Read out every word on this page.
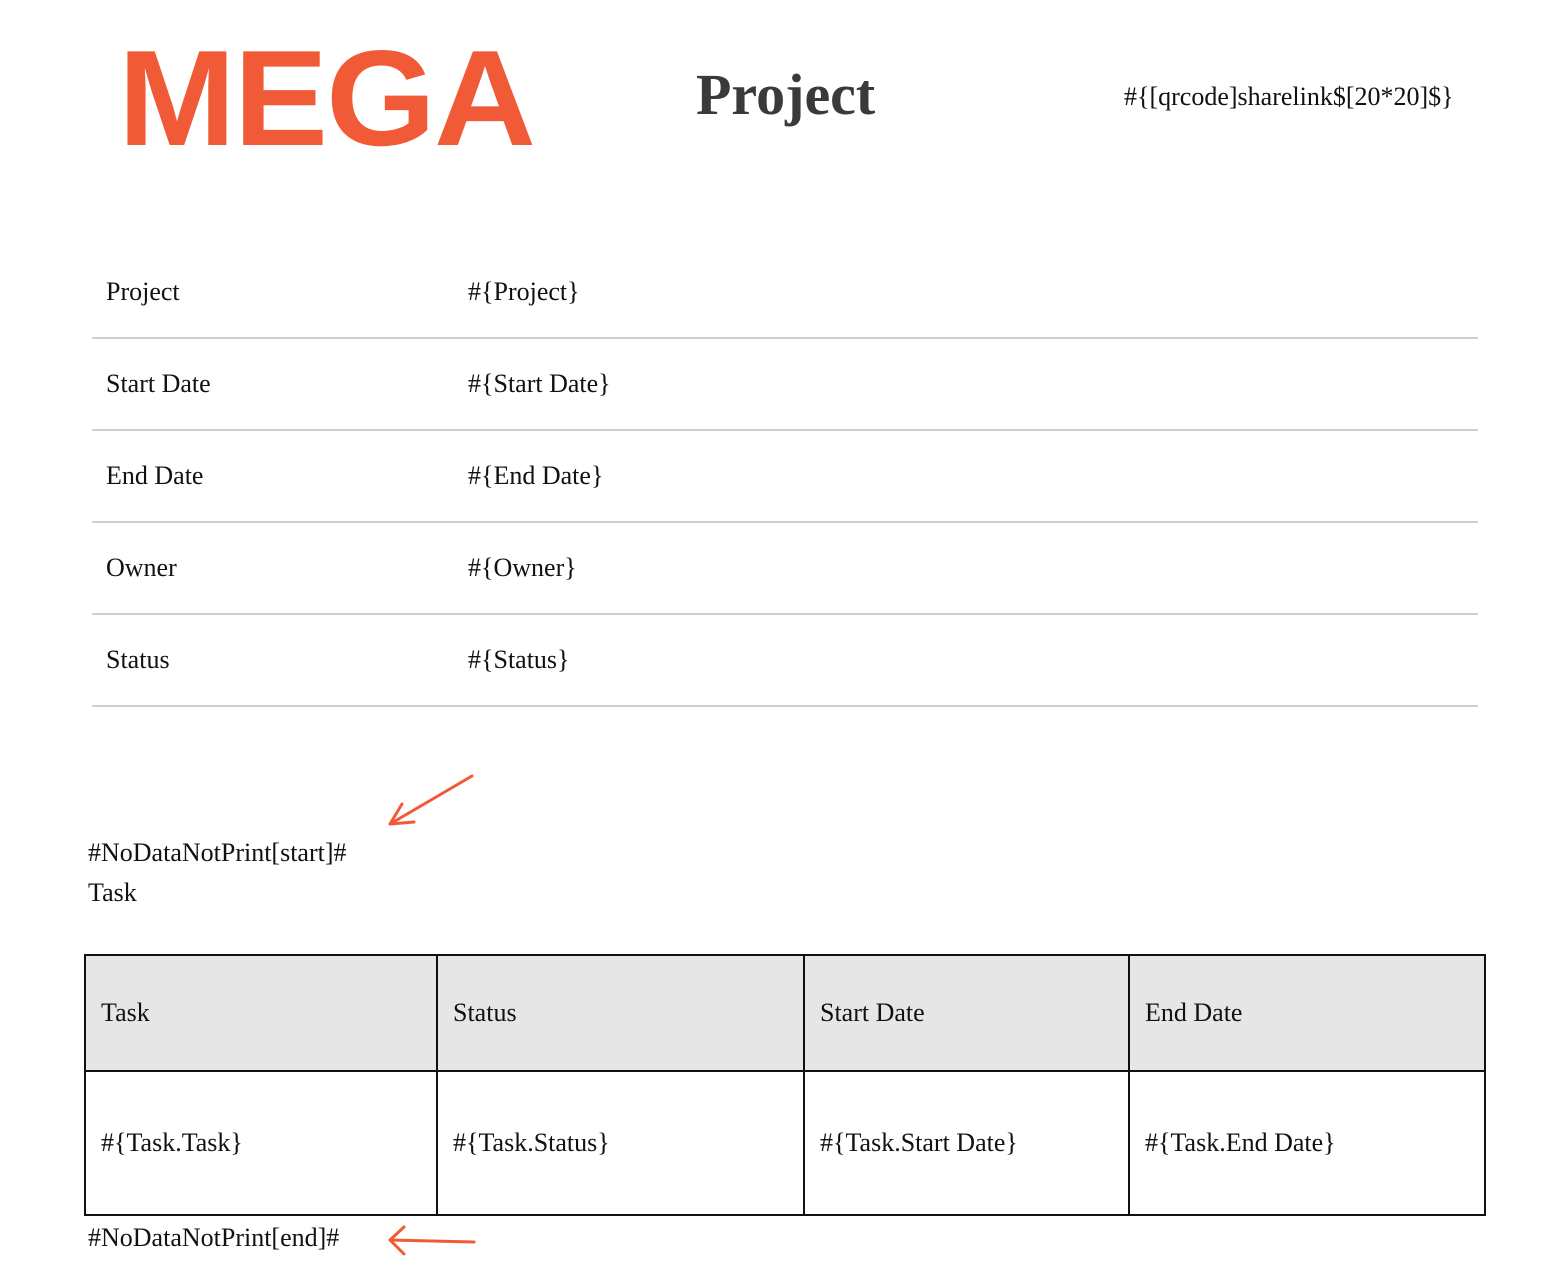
MEGA	Project	#{[qrcode]sharelink$[20*20]$}
Project	#{Project}
Start Date	#{Start Date}
End Date	#{End Date}
Owner	#{Owner}
Status	#{Status}
#NoDataNotPrint[start]#
Task
Task	Status	Start Date	End Date
#{Task.Task}	#{Task.Status}	#{Task.Start Date}	#{Task.End Date}
#NoDataNotPrint[end]#
